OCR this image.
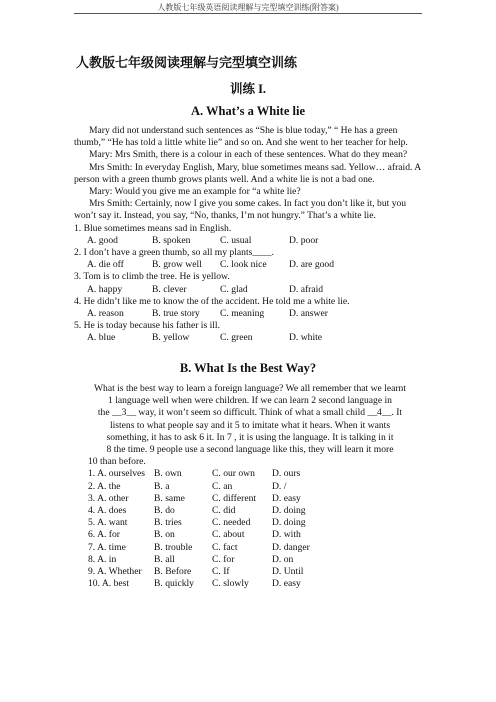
人教版七年级英语阅读理解与完型填空训练(附答案)
人教版七年级阅读理解与完型填空训练
训练 I.
A. What’s a White lie

Mary did not understand such sentences as “She is blue today,” “ He has a green thumb,” “He has told a little white lie” and so on. And she went to her teacher for help.

Mary: Mrs Smith, there is a colour in each of these sentences. What do they mean?

Mrs Smith: In everyday English, Mary, blue sometimes means sad. Yellow… afraid. A person with a green thumb grows plants well. And a white lie is not a bad one.

Mary: Would you give me an example for “a white lie?

Mrs Smith: Certainly, now I give you some cakes. In fact you don’t like it, but you won’t say it. Instead, you say, “No, thanks, I’m not hungry.” That’s a white lie.

1. Blue sometimes means sad in English.
A. good	B. spoken	C. usual	D. poor
2. I don’t have a green thumb, so all my plants____.
A. die off	B. grow well	C. look nice	D. are good
3. Tom is to climb the tree. He is yellow.
A. happy	B. clever	C. glad	D. afraid
4. He didn’t like me to know the of the accident. He told me a white lie.
A. reason	B. true story	C. meaning	D. answer
5. He is today because his father is ill.
A. blue	B. yellow	C. green	D. white
B. What Is the Best Way?
What is the best way to learn a foreign language? We all remember that we learnt
1 language well when were children. If we can learn 2 second language in
the __3__ way, it won’t seem so difficult. Think of what a small child __4__. It
listens to what people say and it 5 to imitate what it hears. When it wants
something, it has to ask 6 it. In 7 , it is using the language. It is talking in it
8 the time. 9 people use a second language like this, they will learn it more
10 than before.
1. A. ourselves B. own	C. our own	D. ours
2. A. the	B. a	C. an	D. /
3. A. other	B. same	C. different	D. easy
4. A. does	B. do	C. did	D. doing
5. A. want	B. tries	C. needed	D. doing
6. A. for	B. on	C. about	D. with
7. A. time	B. trouble	C. fact	D. danger
8. A. in	B. all	C. for	D. on
9. A. Whether	B. Before	C. If	D. Until
10. A. best	B. quickly	C. slowly	D. easy
